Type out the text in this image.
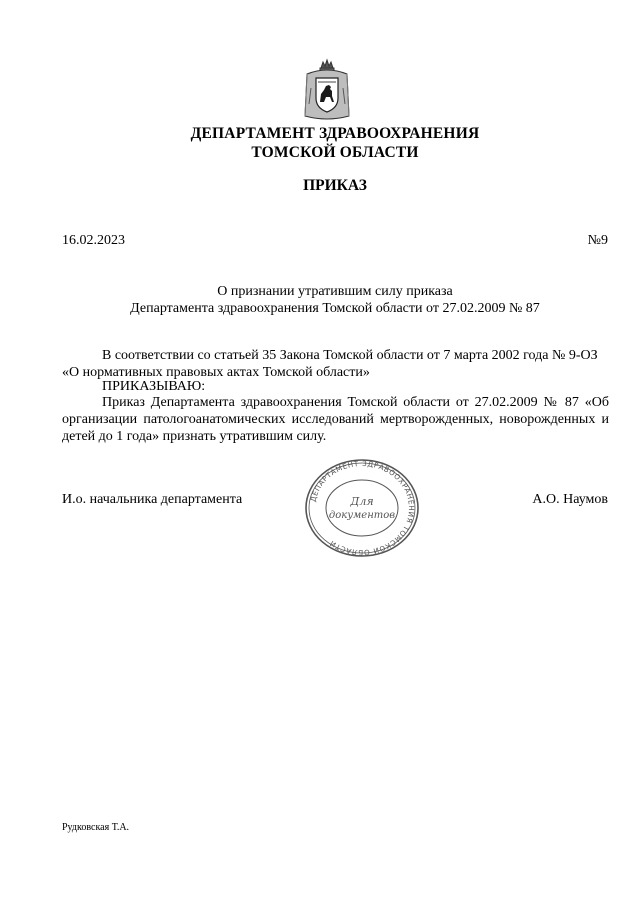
ДЕПАРТАМЕНТ ЗДРАВООХРАНЕНИЯ
ТОМСКОЙ ОБЛАСТИ
ПРИКАЗ
16.02.2023	№9
О признании утратившим силу приказа
Департамента здравоохранения Томской области от 27.02.2009 № 87
В соответствии со статьей 35 Закона Томской области от 7 марта 2002 года № 9-ОЗ
«О нормативных правовых актах Томской области»
ПРИКАЗЫВАЮ:
Приказ Департамента здравоохранения Томской области от 27.02.2009 № 87 «Об организации патологоанатомических исследований мертворожденных, новорожденных и детей до 1 года» признать утратившим силу.
И.о. начальника департамента	А.О. Наумов
ДЕПАРТАМЕНТ ЗДРАВООХРАНЕНИЯ ТОМСКОЙ ОБЛАСТИ
Для
документов
Рудковская Т.А.
